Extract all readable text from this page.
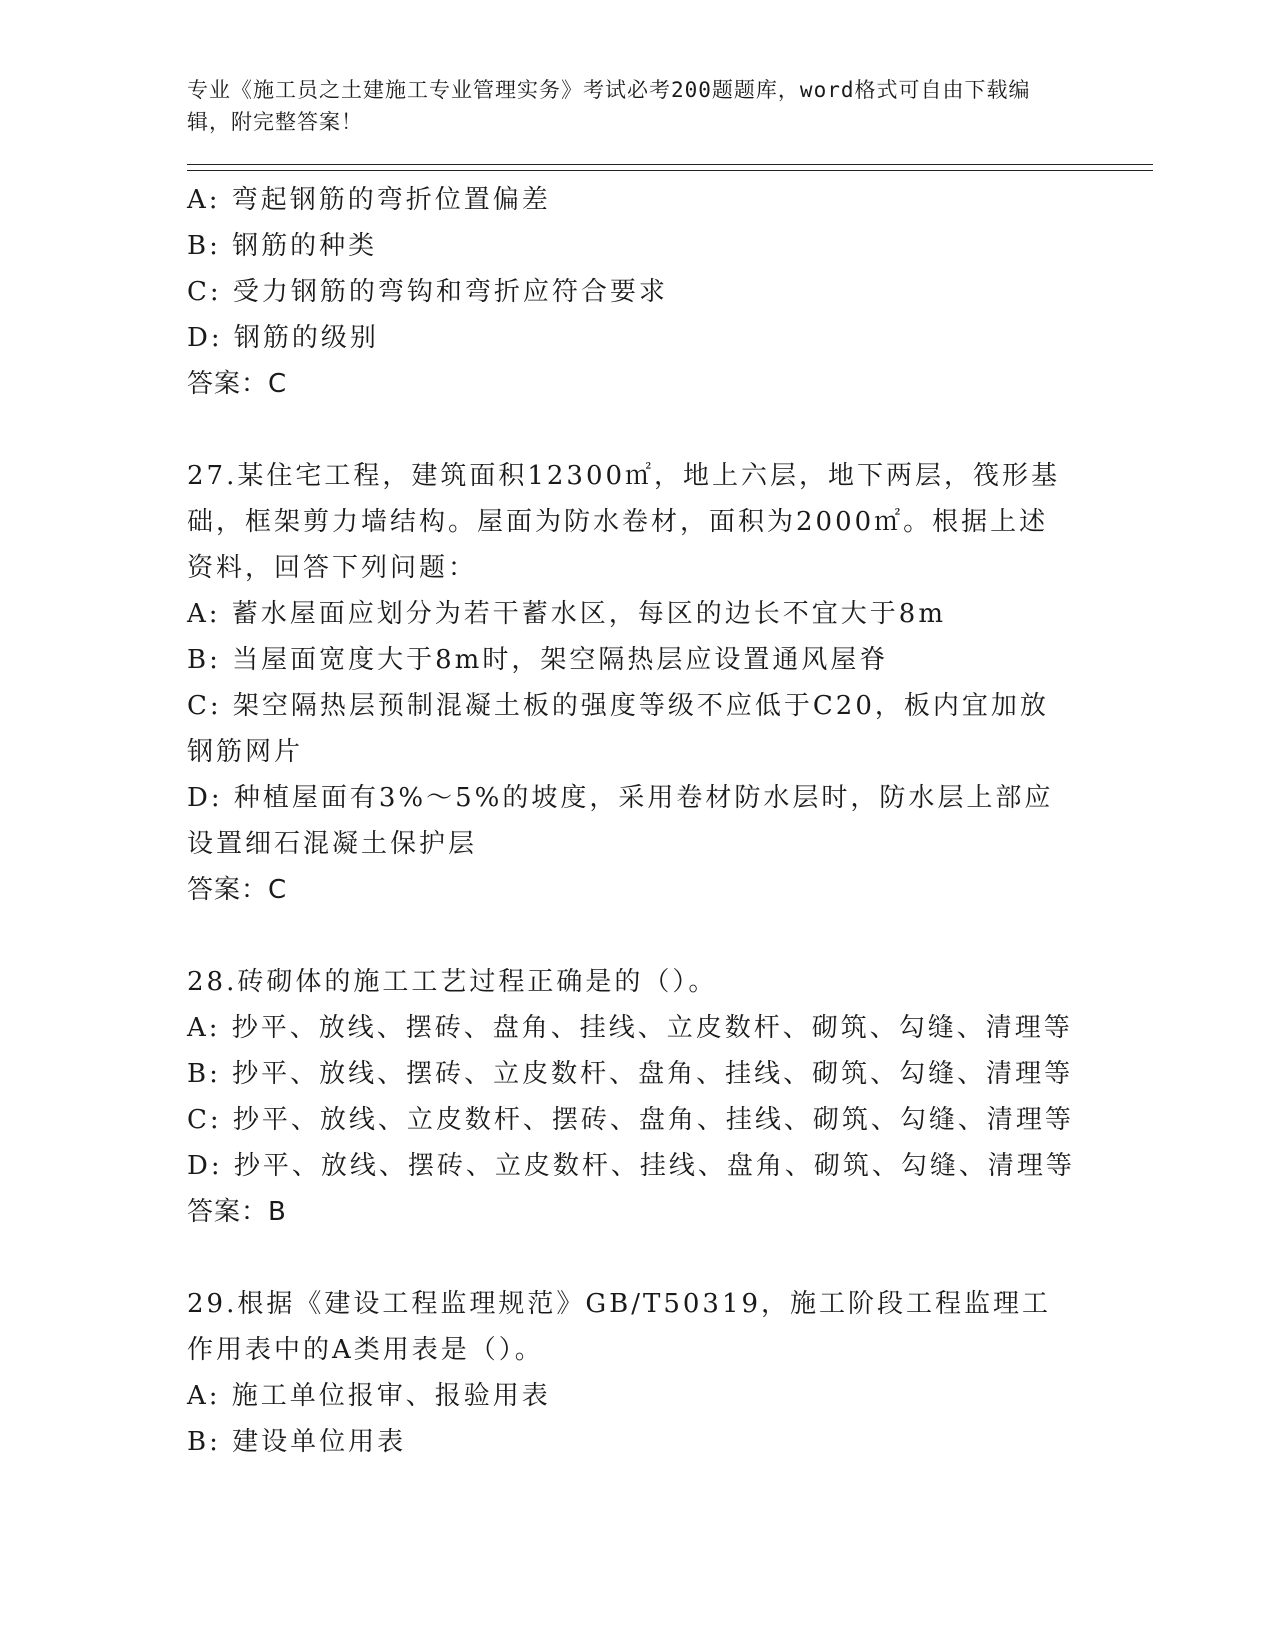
专业《施工员之土建施工专业管理实务》考试必考200题题库，word格式可自由下载编辑，附完整答案！
A: 弯起钢筋的弯折位置偏差
B: 钢筋的种类
C: 受力钢筋的弯钩和弯折应符合要求
D: 钢筋的级别
答案：C
27.某住宅工程，建筑面积12300㎡，地上六层，地下两层，筏形基础，框架剪力墙结构。屋面为防水卷材，面积为2000㎡。根据上述资料，回答下列问题：
A: 蓄水屋面应划分为若干蓄水区，每区的边长不宜大于8m
B: 当屋面宽度大于8m时，架空隔热层应设置通风屋脊
C: 架空隔热层预制混凝土板的强度等级不应低于C20，板内宜加放钢筋网片
D: 种植屋面有3%～5%的坡度，采用卷材防水层时，防水层上部应设置细石混凝土保护层
答案：C
28.砖砌体的施工工艺过程正确是的（）。
A: 抄平、放线、摆砖、盘角、挂线、立皮数杆、砌筑、勾缝、清理等
B: 抄平、放线、摆砖、立皮数杆、盘角、挂线、砌筑、勾缝、清理等
C: 抄平、放线、立皮数杆、摆砖、盘角、挂线、砌筑、勾缝、清理等
D: 抄平、放线、摆砖、立皮数杆、挂线、盘角、砌筑、勾缝、清理等
答案：B
29.根据《建设工程监理规范》GB/T50319，施工阶段工程监理工作用表中的A类用表是（）。
A: 施工单位报审、报验用表
B: 建设单位用表
